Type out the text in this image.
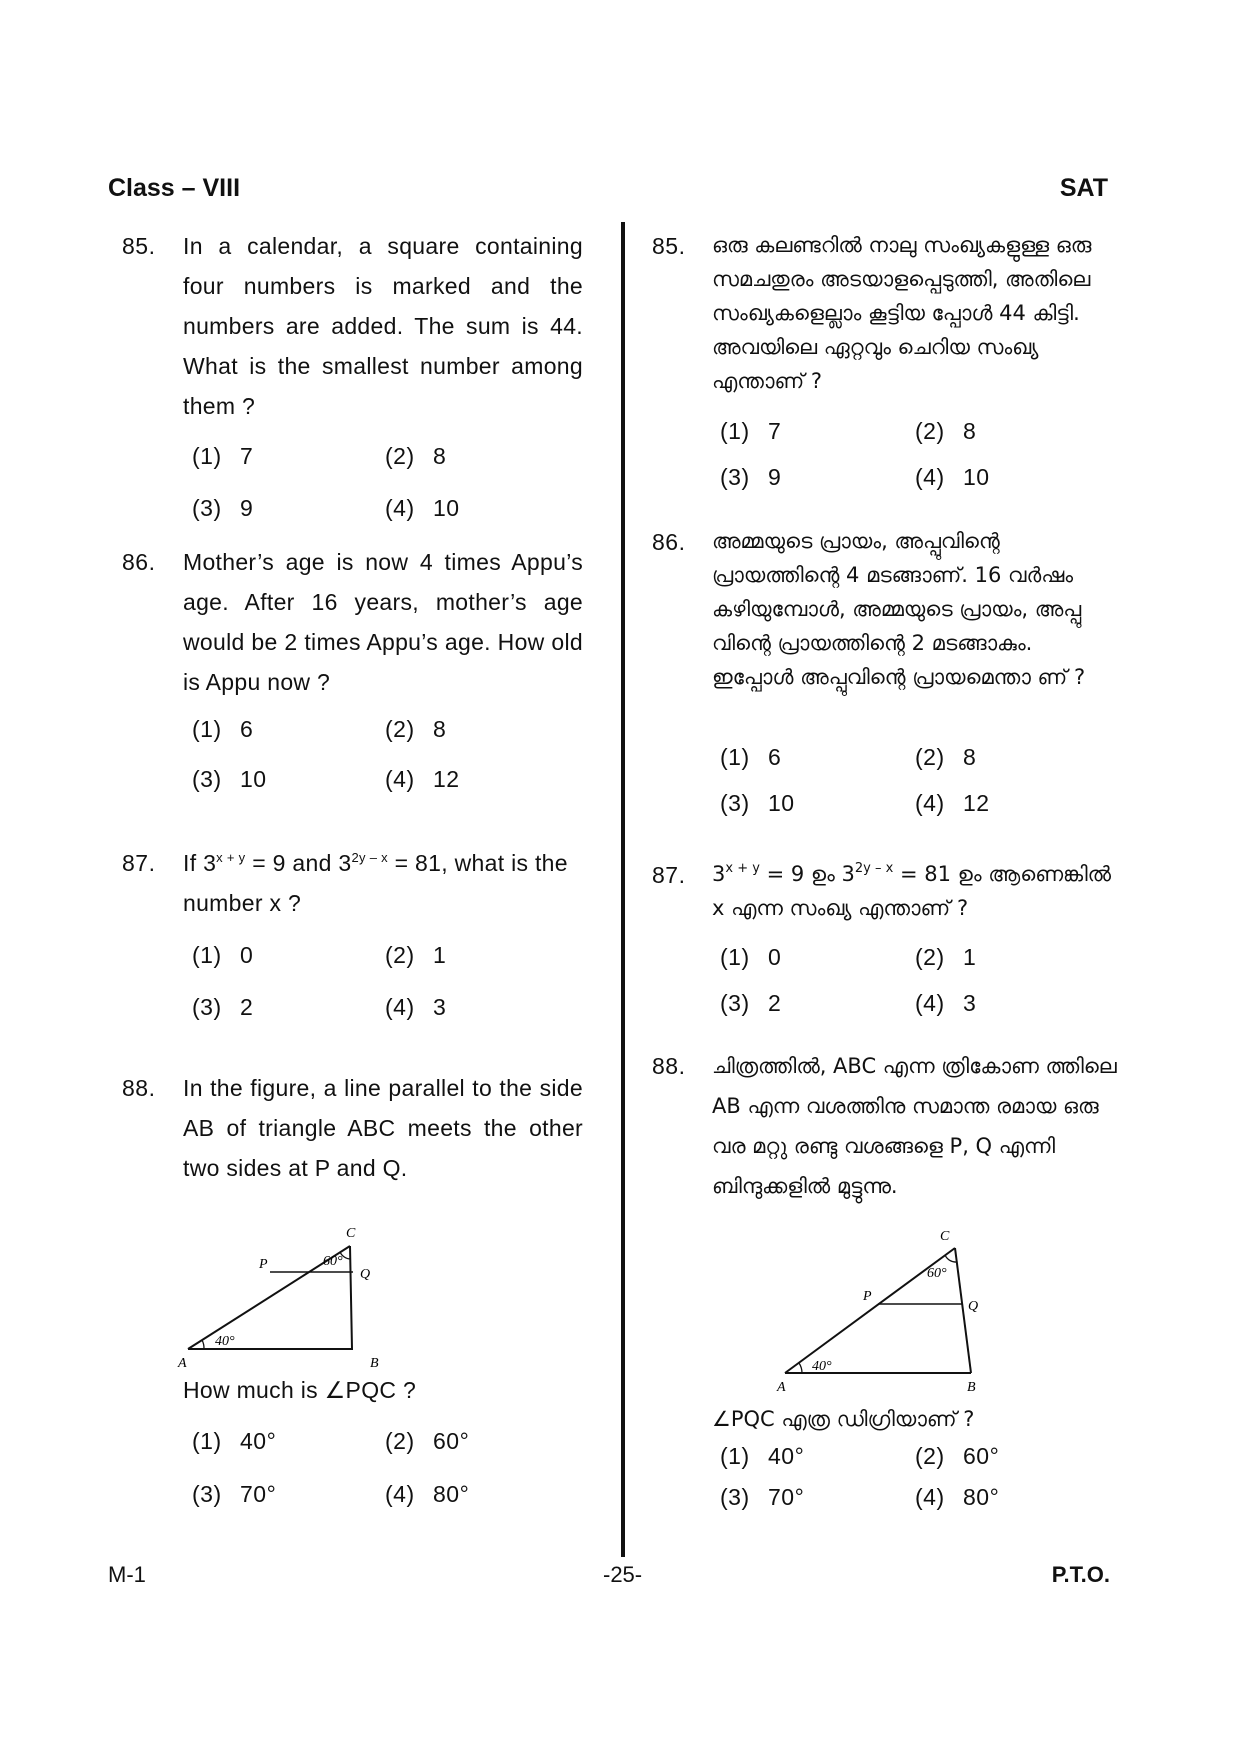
Class – VIII	SAT
85. In a calendar, a square containing four numbers is marked and the numbers are added. The sum is 44. What is the smallest number among them ?
(1) 7	(2) 8
(3) 9	(4) 10
86. Mother’s age is now 4 times Appu’s age. After 16 years, mother’s age would be 2 times Appu’s age. How old is Appu now ?
(1) 6	(2) 8
(3) 10	(4) 12
87. If $3^{x + y} = 9$ and $3^{2y - x} = 81$, what is the number x ?
(1) 0	(2) 1
(3) 2	(4) 3
88. In the figure, a line parallel to the side AB of triangle ABC meets the other two sides at P and Q.
A	B
C
P
Q
40°
60°
How much is ∠PQC ?
(1) 40°	(2) 60°
(3) 70°	(4) 80°
85. ഒരു കലണ്ടറിൽ നാലു സംഖ്യകളുള്ള ഒരു സമചതുരം അടയാളപ്പെടുത്തി, അതിലെ സംഖ്യകളെല്ലാം കൂട്ടിയ പ്പോൾ 44 കിട്ടി. അവയിലെ ഏറ്റവും ചെറിയ സംഖ്യ എന്താണ് ?
(1) 7	(2) 8
(3) 9	(4) 10
86. അമ്മയുടെ പ്രായം, അപ്പുവിന്റെ പ്രായത്തിന്റെ 4 മടങ്ങാണ്. 16 വർഷം കഴിയുമ്പോൾ, അമ്മയുടെ പ്രായം, അപ്പു വിന്റെ പ്രായത്തിന്റെ 2 മടങ്ങാകും. ഇപ്പോൾ അപ്പുവിന്റെ പ്രായമെന്താ ണ് ?
(1) 6	(2) 8
(3) 10	(4) 12
87. $3^{x + y} = 9$ ഉം $3^{2y - x} = 81$ ഉം ആണെങ്കിൽ x എന്ന സംഖ്യ എന്താണ് ?
(1) 0	(2) 1
(3) 2	(4) 3
88. ചിത്രത്തിൽ, ABC എന്ന ത്രികോണ ത്തിലെ AB എന്ന വശത്തിനു സമാന്ത രമായ ഒരു വര മറ്റു രണ്ടു വശങ്ങളെ P, Q എന്നി ബിന്ദുക്കളിൽ മുട്ടുന്നു.
A	B
C
P
Q
40°
60°
∠PQC എത്ര ഡിഗ്രിയാണ് ?
(1) 40°	(2) 60°
(3) 70°	(4) 80°
M-1	-25-	P.T.O.
